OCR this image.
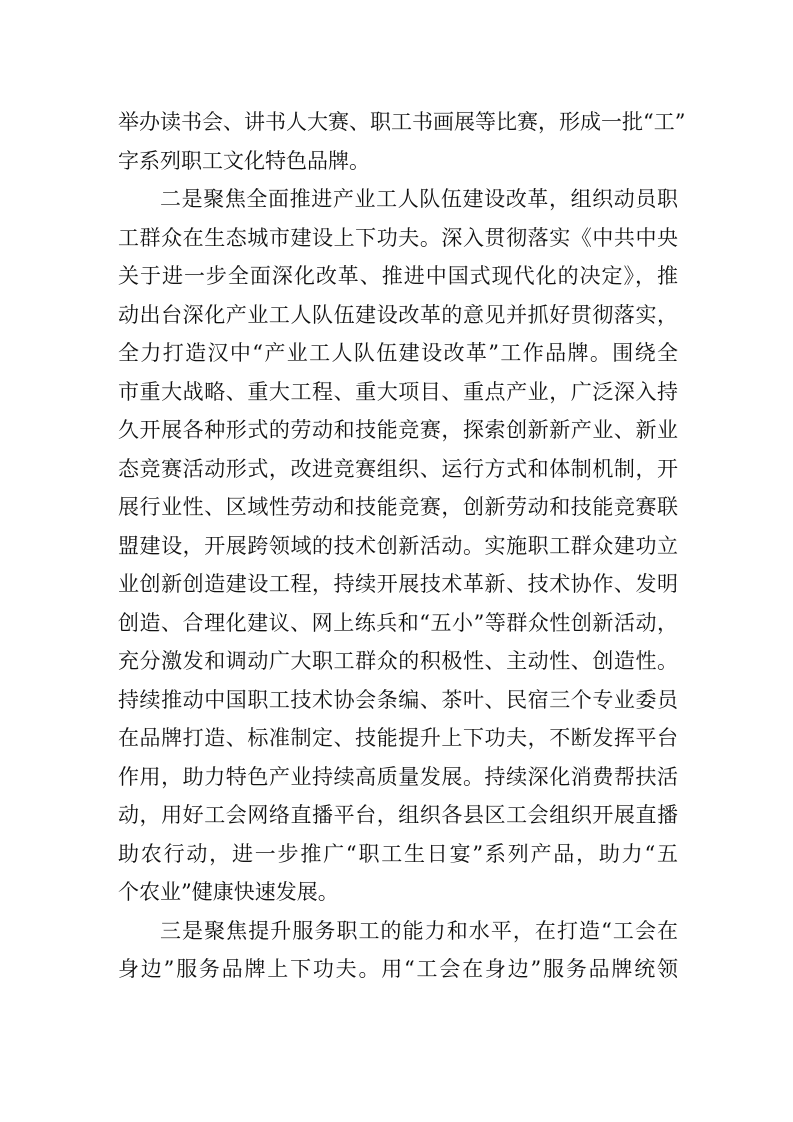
举办读书会、讲书人大赛、职工书画展等比赛，形成一批“工”
字系列职工文化特色品牌。
二是聚焦全面推进产业工人队伍建设改革，组织动员职
工群众在生态城市建设上下功夫。深入贯彻落实《中共中央
关于进一步全面深化改革、推进中国式现代化的决定》，推
动出台深化产业工人队伍建设改革的意见并抓好贯彻落实，
全力打造汉中“产业工人队伍建设改革”工作品牌。围绕全
市重大战略、重大工程、重大项目、重点产业，广泛深入持
久开展各种形式的劳动和技能竞赛，探索创新新产业、新业
态竞赛活动形式，改进竞赛组织、运行方式和体制机制，开
展行业性、区域性劳动和技能竞赛，创新劳动和技能竞赛联
盟建设，开展跨领域的技术创新活动。实施职工群众建功立
业创新创造建设工程，持续开展技术革新、技术协作、发明
创造、合理化建议、网上练兵和“五小”等群众性创新活动，
充分激发和调动广大职工群众的积极性、主动性、创造性。
持续推动中国职工技术协会条编、茶叶、民宿三个专业委员
在品牌打造、标准制定、技能提升上下功夫，不断发挥平台
作用，助力特色产业持续高质量发展。持续深化消费帮扶活
动，用好工会网络直播平台，组织各县区工会组织开展直播
助农行动，进一步推广“职工生日宴”系列产品，助力“五
个农业”健康快速发展。
三是聚焦提升服务职工的能力和水平，在打造“工会在
身边”服务品牌上下功夫。用“工会在身边”服务品牌统领
